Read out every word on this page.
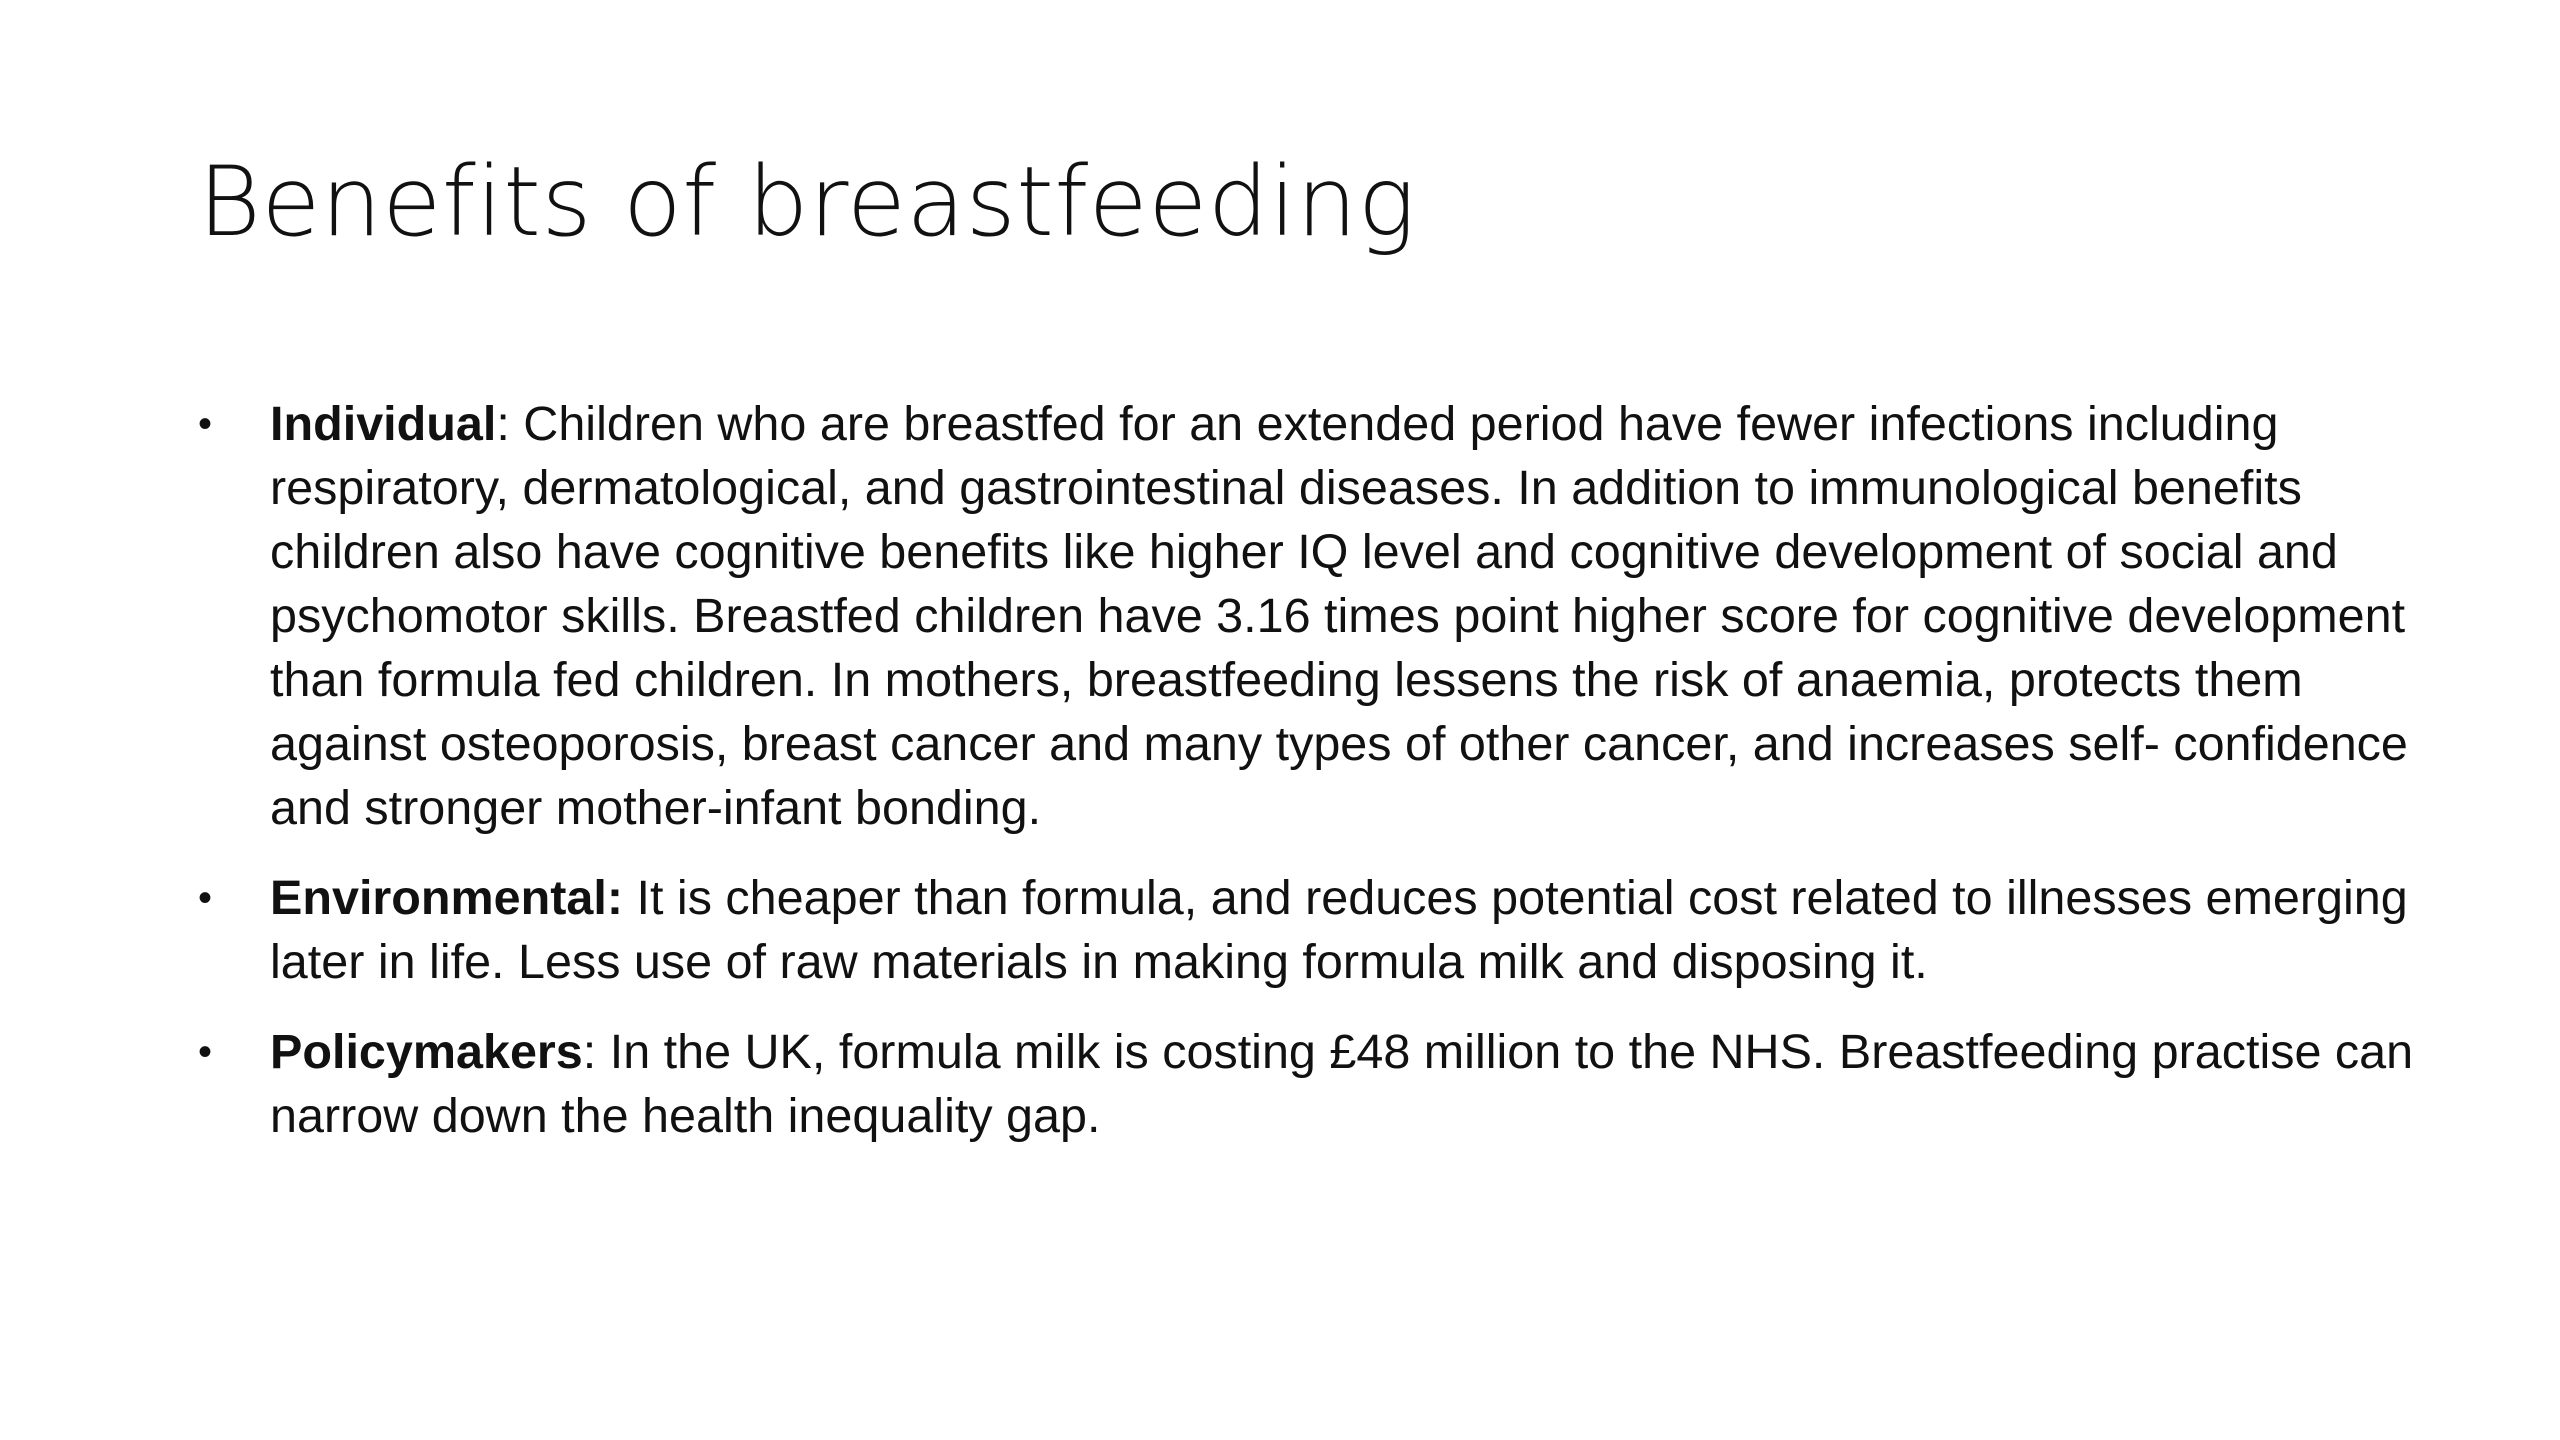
Benefits of breastfeeding
•	Individual: Children who are breastfed for an extended period have fewer infections including respiratory, dermatological, and gastrointestinal diseases. In addition to immunological benefits children also have cognitive benefits like higher IQ level and cognitive development of social and psychomotor skills. Breastfed children have 3.16 times point higher score for cognitive development than formula fed children. In mothers, breastfeeding lessens the risk of anaemia, protects them against osteoporosis, breast cancer and many types of other cancer, and increases self- confidence and stronger mother-infant bonding.
•	Environmental: It is cheaper than formula, and reduces potential cost related to illnesses emerging later in life. Less use of raw materials in making formula milk and disposing it.
•	Policymakers: In the UK, formula milk is costing £48 million to the NHS. Breastfeeding practise can narrow down the health inequality gap.
